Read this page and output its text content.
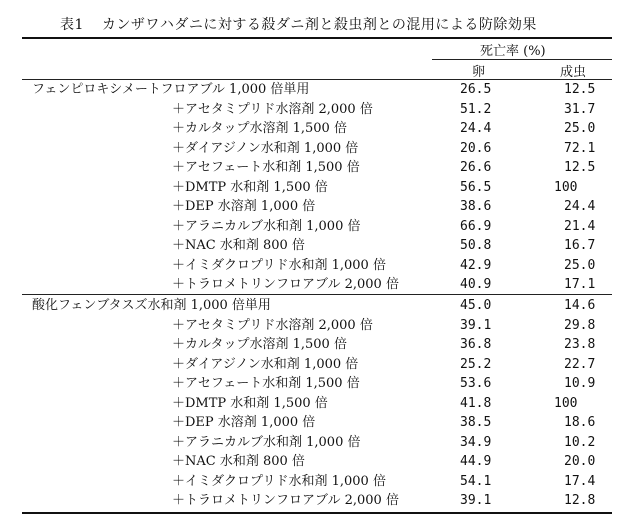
表1 カンザワハダニに対する殺ダニ剤と殺虫剤との混用による防除効果
死亡率 (%)
卵	成虫
フェンピロキシメートフロアブル 1,000 倍単用	26.5	12.5
＋アセタミプリド水溶剤 2,000 倍	51.2	31.7
＋カルタップ水溶剤 1,500 倍	24.4	25.0
＋ダイアジノン水和剤 1,000 倍	20.6	72.1
＋アセフェート水和剤 1,500 倍	26.6	12.5
＋DMTP 水和剤 1,500 倍	56.5	100
＋DEP 水溶剤 1,000 倍	38.6	24.4
＋アラニカルブ水和剤 1,000 倍	66.9	21.4
＋NAC 水和剤 800 倍	50.8	16.7
＋イミダクロプリド水和剤 1,000 倍	42.9	25.0
＋トラロメトリンフロアブル 2,000 倍	40.9	17.1
酸化フェンブタスズ水和剤 1,000 倍単用	45.0	14.6
＋アセタミプリド水溶剤 2,000 倍	39.1	29.8
＋カルタップ水溶剤 1,500 倍	36.8	23.8
＋ダイアジノン水和剤 1,000 倍	25.2	22.7
＋アセフェート水和剤 1,500 倍	53.6	10.9
＋DMTP 水和剤 1,500 倍	41.8	100
＋DEP 水溶剤 1,000 倍	38.5	18.6
＋アラニカルブ水和剤 1,000 倍	34.9	10.2
＋NAC 水和剤 800 倍	44.9	20.0
＋イミダクロプリド水和剤 1,000 倍	54.1	17.4
＋トラロメトリンフロアブル 2,000 倍	39.1	12.8
